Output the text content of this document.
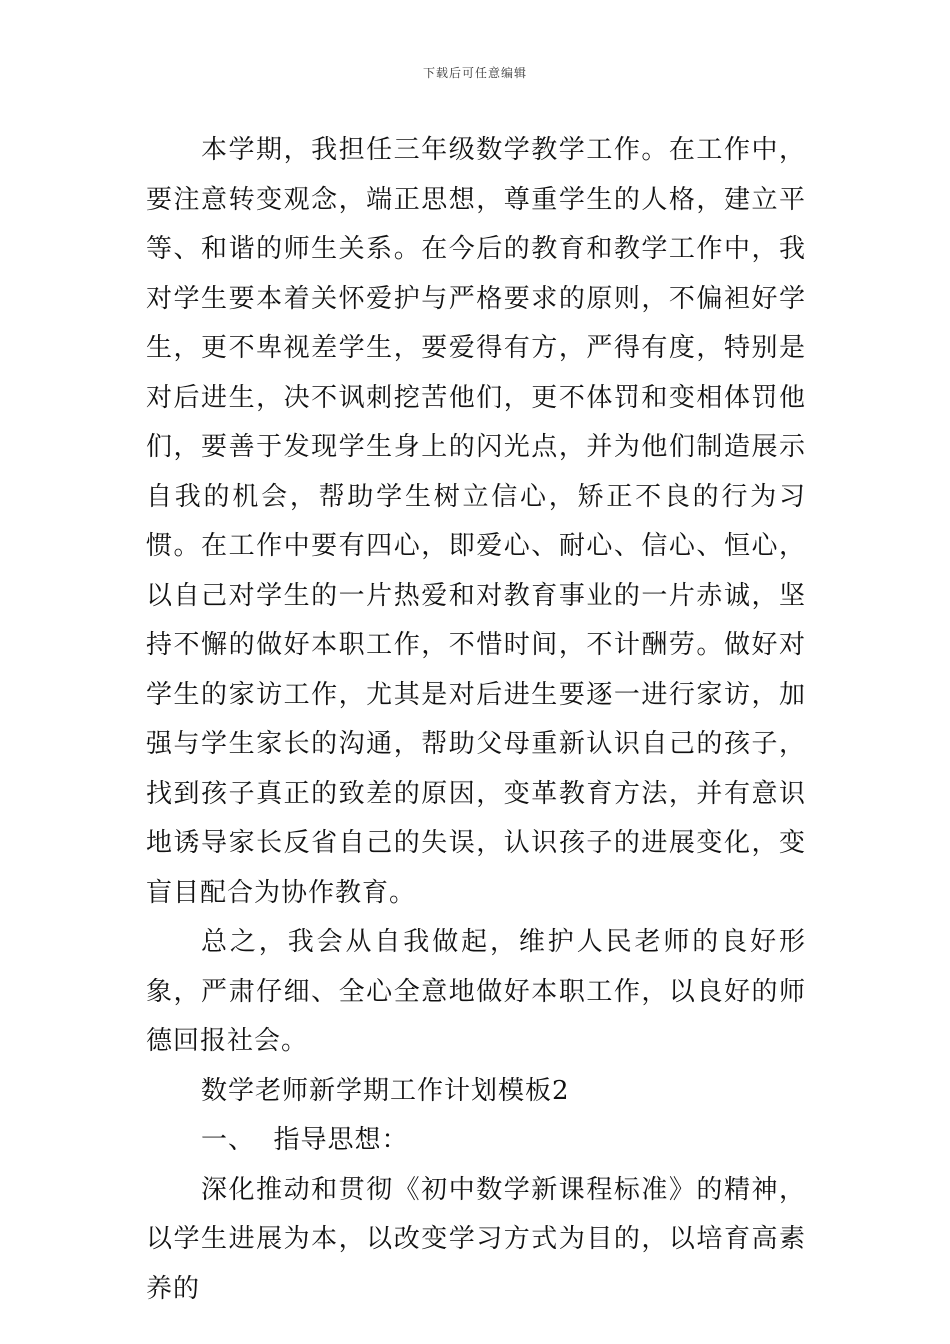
下载后可任意编辑

本学期，我担任三年级数学教学工作。在工作中，要注意转变观念，端正思想，尊重学生的人格，建立平等、和谐的师生关系。在今后的教育和教学工作中，我对学生要本着关怀爱护与严格要求的原则，不偏袒好学生，更不卑视差学生，要爱得有方，严得有度，特别是对后进生，决不讽刺挖苦他们，更不体罚和变相体罚他们，要善于发现学生身上的闪光点，并为他们制造展示自我的机会，帮助学生树立信心，矫正不良的行为习惯。在工作中要有四心，即爱心、耐心、信心、恒心，以自己对学生的一片热爱和对教育事业的一片赤诚，坚持不懈的做好本职工作，不惜时间，不计酬劳。做好对学生的家访工作，尤其是对后进生要逐一进行家访，加强与学生家长的沟通，帮助父母重新认识自己的孩子，找到孩子真正的致差的原因，变革教育方法，并有意识地诱导家长反省自己的失误，认识孩子的进展变化，变盲目配合为协作教育。

总之，我会从自我做起，维护人民老师的良好形象，严肃仔细、全心全意地做好本职工作，以良好的师德回报社会。

数学老师新学期工作计划模板2

一、  指导思想：

深化推动和贯彻《初中数学新课程标准》的精神，以学生进展为本，以改变学习方式为目的，以培育高素养的
